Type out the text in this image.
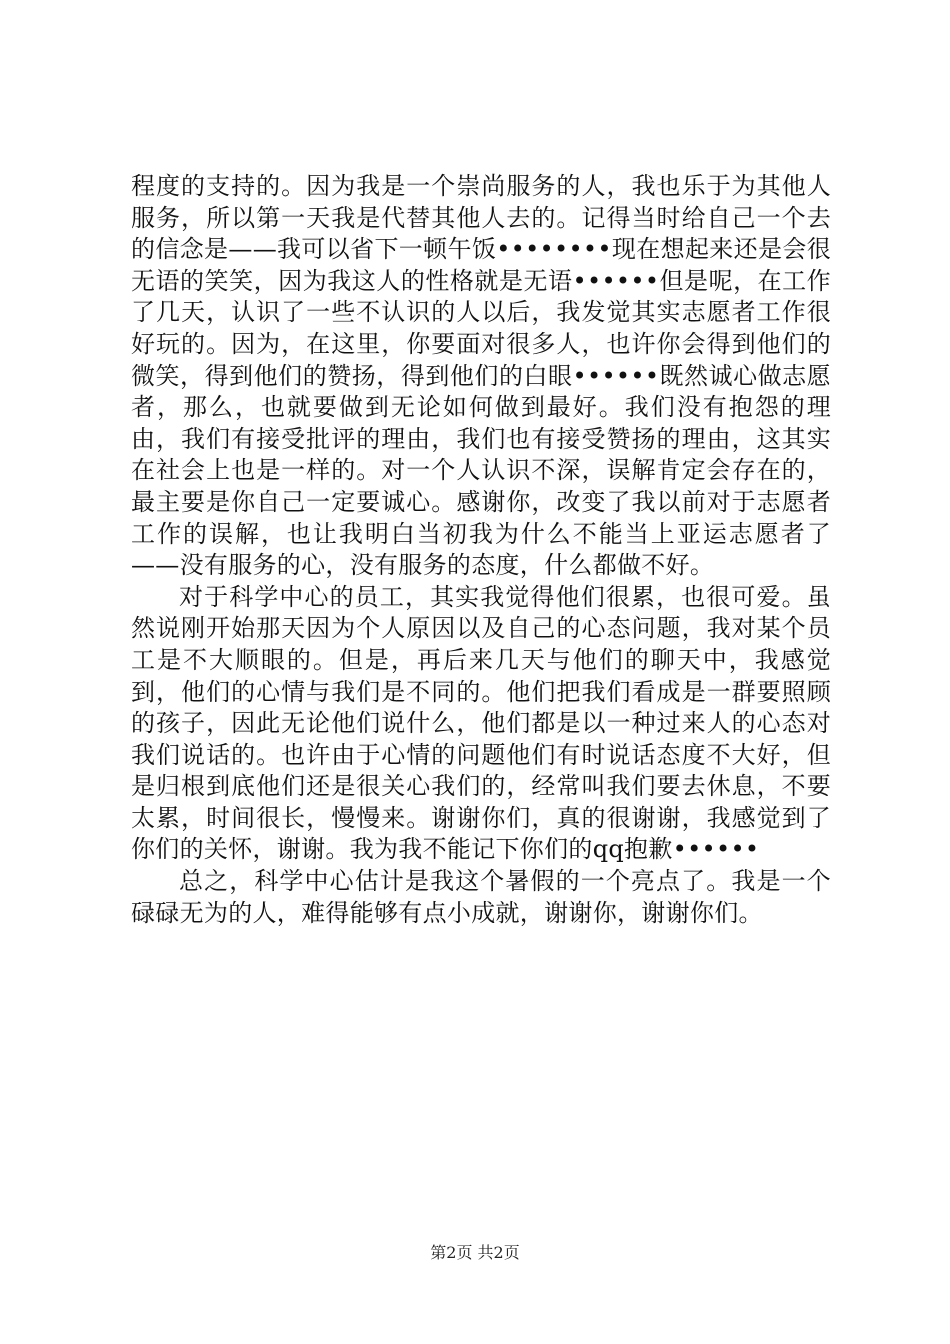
程度的支持的。因为我是一个崇尚服务的人，我也乐于为其他人服务，所以第一天我是代替其他人去的。记得当时给自己一个去的信念是——我可以省下一顿午饭••••••••现在想起来还是会很无语的笑笑，因为我这人的性格就是无语••••••但是呢，在工作了几天，认识了一些不认识的人以后，我发觉其实志愿者工作很好玩的。因为，在这里，你要面对很多人，也许你会得到他们的微笑，得到他们的赞扬，得到他们的白眼••••••既然诚心做志愿者，那么，也就要做到无论如何做到最好。我们没有抱怨的理由，我们有接受批评的理由，我们也有接受赞扬的理由，这其实在社会上也是一样的。对一个人认识不深，误解肯定会存在的，最主要是你自己一定要诚心。感谢你，改变了我以前对于志愿者工作的误解，也让我明白当初我为什么不能当上亚运志愿者了——没有服务的心，没有服务的态度，什么都做不好。

对于科学中心的员工，其实我觉得他们很累，也很可爱。虽然说刚开始那天因为个人原因以及自己的心态问题，我对某个员工是不大顺眼的。但是，再后来几天与他们的聊天中，我感觉到，他们的心情与我们是不同的。他们把我们看成是一群要照顾的孩子，因此无论他们说什么，他们都是以一种过来人的心态对我们说话的。也许由于心情的问题他们有时说话态度不大好，但是归根到底他们还是很关心我们的，经常叫我们要去休息，不要太累，时间很长，慢慢来。谢谢你们，真的很谢谢，我感觉到了你们的关怀，谢谢。我为我不能记下你们的qq抱歉••••••

总之，科学中心估计是我这个暑假的一个亮点了。我是一个碌碌无为的人，难得能够有点小成就，谢谢你，谢谢你们。

第2页 共2页
